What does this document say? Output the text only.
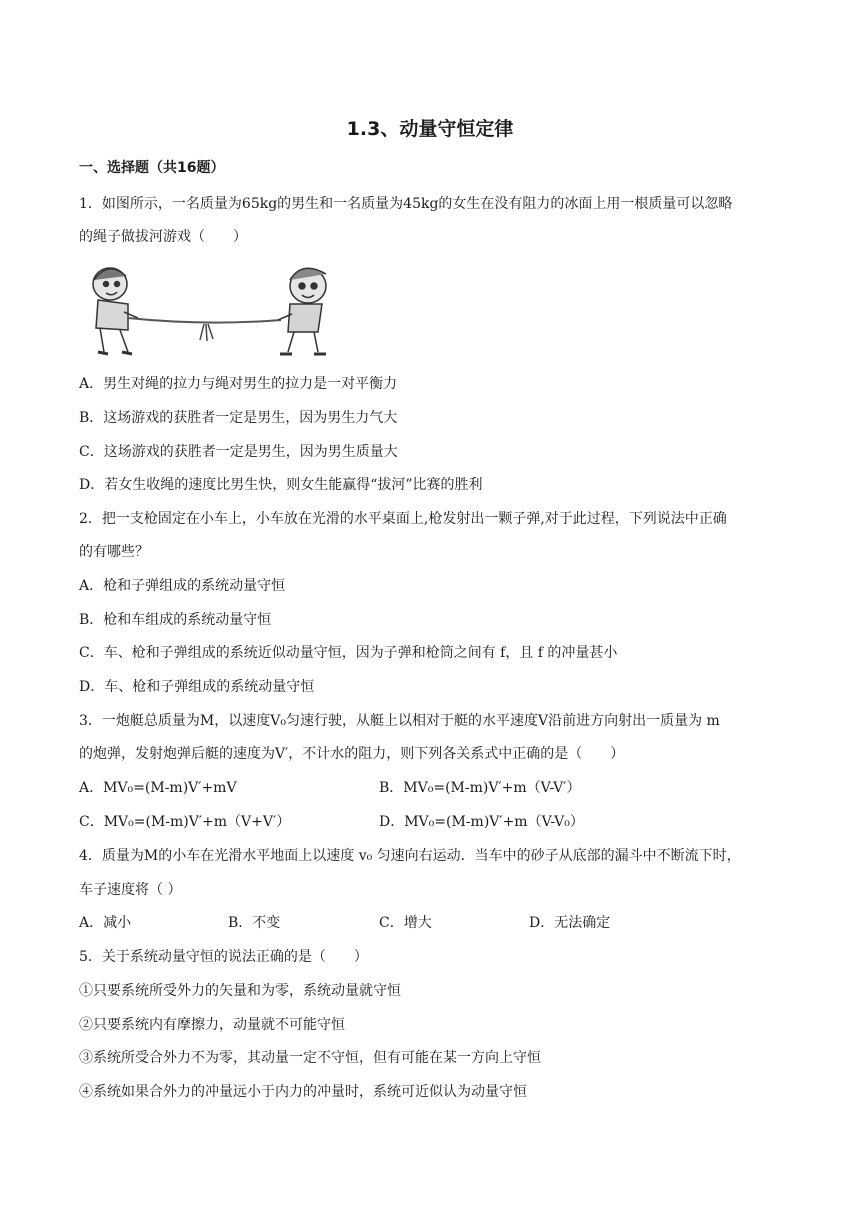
1.3、动量守恒定律
一、选择题（共16题）
1．如图所示，一名质量为65kg的男生和一名质量为45kg的女生在没有阻力的冰面上用一根质量可以忽略
的绳子做拔河游戏（　　）
A．男生对绳的拉力与绳对男生的拉力是一对平衡力
B．这场游戏的获胜者一定是男生，因为男生力气大
C．这场游戏的获胜者一定是男生，因为男生质量大
D．若女生收绳的速度比男生快，则女生能赢得“拔河”比赛的胜利
2．把一支枪固定在小车上，小车放在光滑的水平桌面上,枪发射出一颗子弹,对于此过程，下列说法中正确
的有哪些？
A．枪和子弹组成的系统动量守恒
B．枪和车组成的系统动量守恒
C．车、枪和子弹组成的系统近似动量守恒，因为子弹和枪筒之间有 f，且 f 的冲量甚小
D．车、枪和子弹组成的系统动量守恒
3．一炮艇总质量为M，以速度V₀匀速行驶，从艇上以相对于艇的水平速度V沿前进方向射出一质量为 m
的炮弹，发射炮弹后艇的速度为V′，不计水的阻力，则下列各关系式中正确的是（　　）
A．MV₀=(M-m)V′+mV	B．MV₀=(M-m)V′+m（V-V′）
C．MV₀=(M-m)V′+m（V+V′）	D．MV₀=(M-m)V′+m（V-V₀）
4．质量为M的小车在光滑水平地面上以速度 v₀ 匀速向右运动．当车中的砂子从底部的漏斗中不断流下时，
车子速度将（ ）
A．减小	B．不变	C．增大	D．无法确定
5．关于系统动量守恒的说法正确的是（　　）
①只要系统所受外力的矢量和为零，系统动量就守恒
②只要系统内有摩擦力，动量就不可能守恒
③系统所受合外力不为零，其动量一定不守恒，但有可能在某一方向上守恒
④系统如果合外力的冲量远小于内力的冲量时，系统可近似认为动量守恒
